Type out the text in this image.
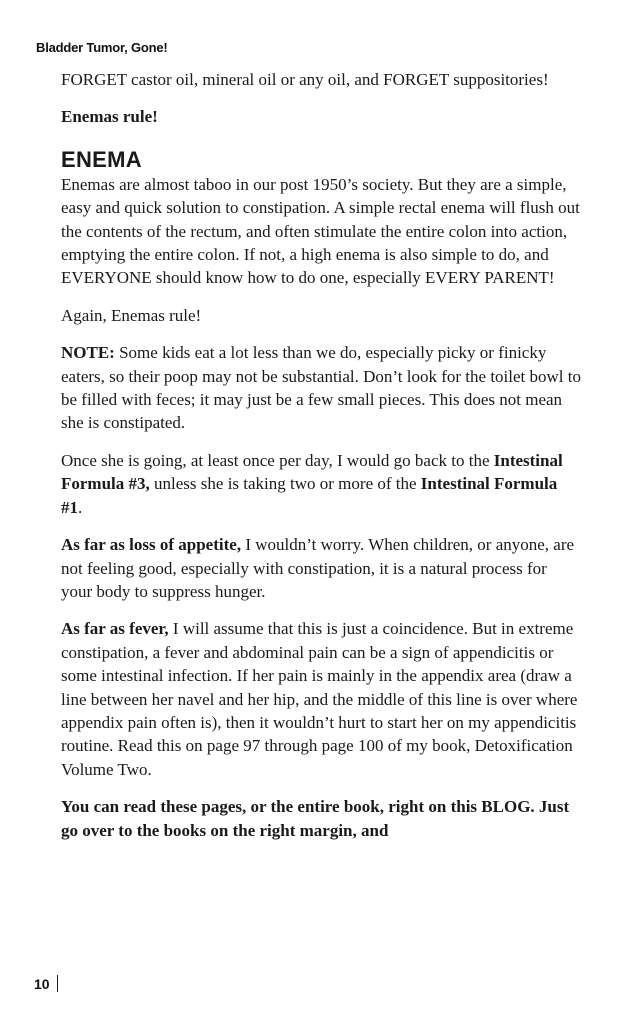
Bladder Tumor, Gone!

FORGET castor oil, mineral oil or any oil, and FORGET suppositories!

Enemas rule!

ENEMA

Enemas are almost taboo in our post 1950’s society. But they are a simple, easy and quick solution to constipation. A simple rectal enema will flush out the contents of the rectum, and often stimulate the entire colon into action, emptying the entire colon. If not, a high enema is also simple to do, and EVERYONE should know how to do one, especially EVERY PARENT!

Again, Enemas rule!

NOTE: Some kids eat a lot less than we do, especially picky or finicky eaters, so their poop may not be substantial. Don’t look for the toilet bowl to be filled with feces; it may just be a few small pieces. This does not mean she is constipated.

Once she is going, at least once per day, I would go back to the Intestinal Formula #3, unless she is taking two or more of the Intestinal Formula #1.

As far as loss of appetite, I wouldn’t worry. When children, or anyone, are not feeling good, especially with constipation, it is a natural process for your body to suppress hunger.

As far as fever, I will assume that this is just a coincidence. But in extreme constipation, a fever and abdominal pain can be a sign of appendicitis or some intestinal infection. If her pain is mainly in the appendix area (draw a line between her navel and her hip, and the middle of this line is over where appendix pain often is), then it wouldn’t hurt to start her on my appendicitis routine. Read this on page 97 through page 100 of my book, Detoxification Volume Two.

You can read these pages, or the entire book, right on this BLOG. Just go over to the books on the right margin, and

10
